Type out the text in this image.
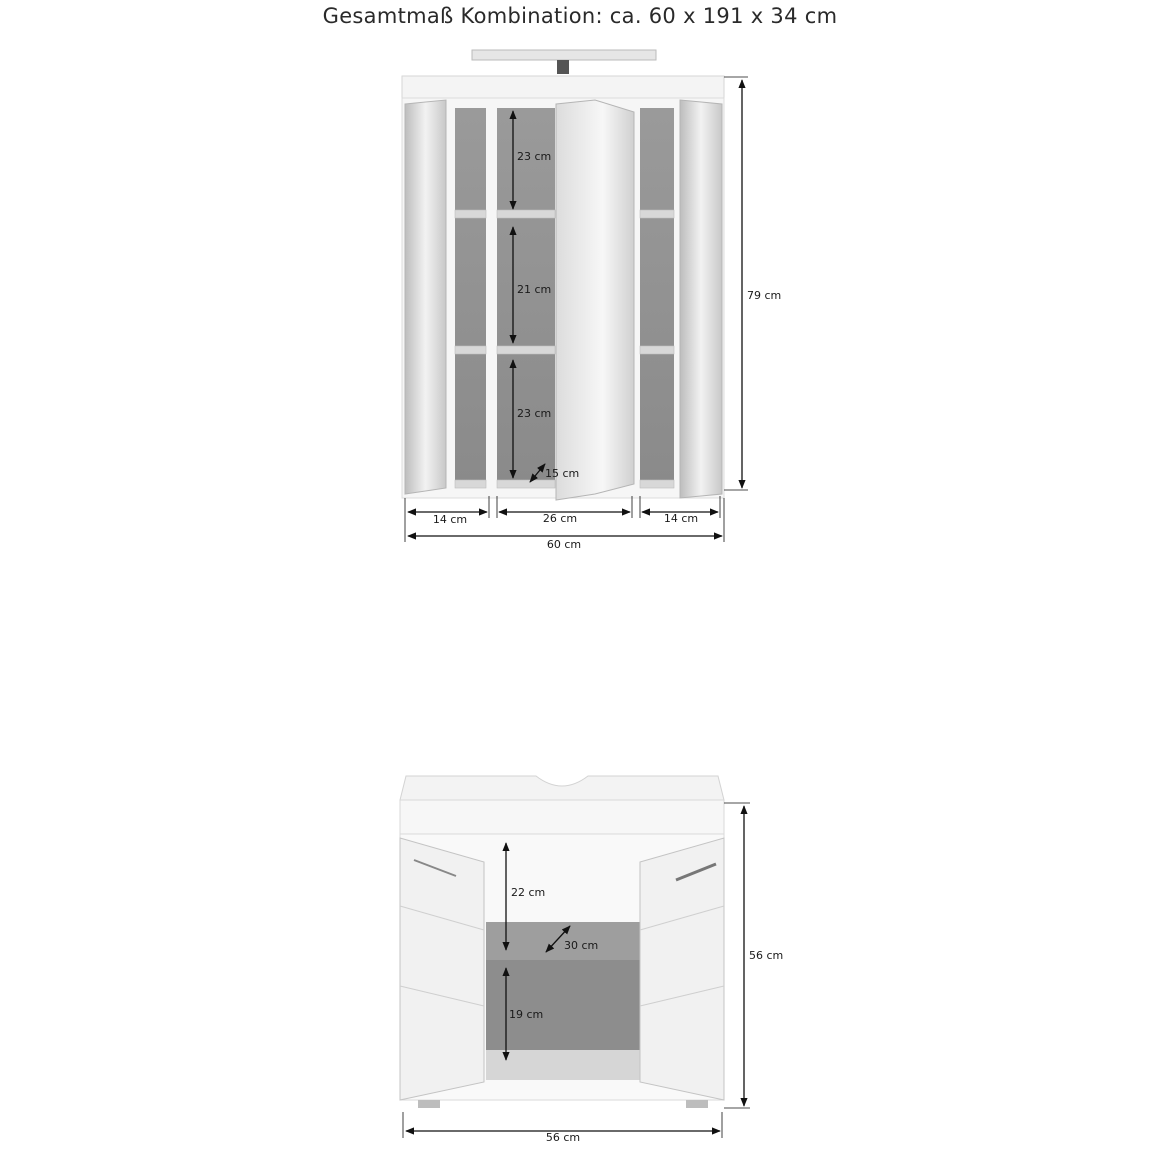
Gesamtmaß Kombination: ca. 60 x 191 x 34 cm
23 cm
21 cm
23 cm
15 cm
79 cm
14 cm	26 cm	14 cm
60 cm
22 cm
30 cm
19 cm
56 cm
56 cm
